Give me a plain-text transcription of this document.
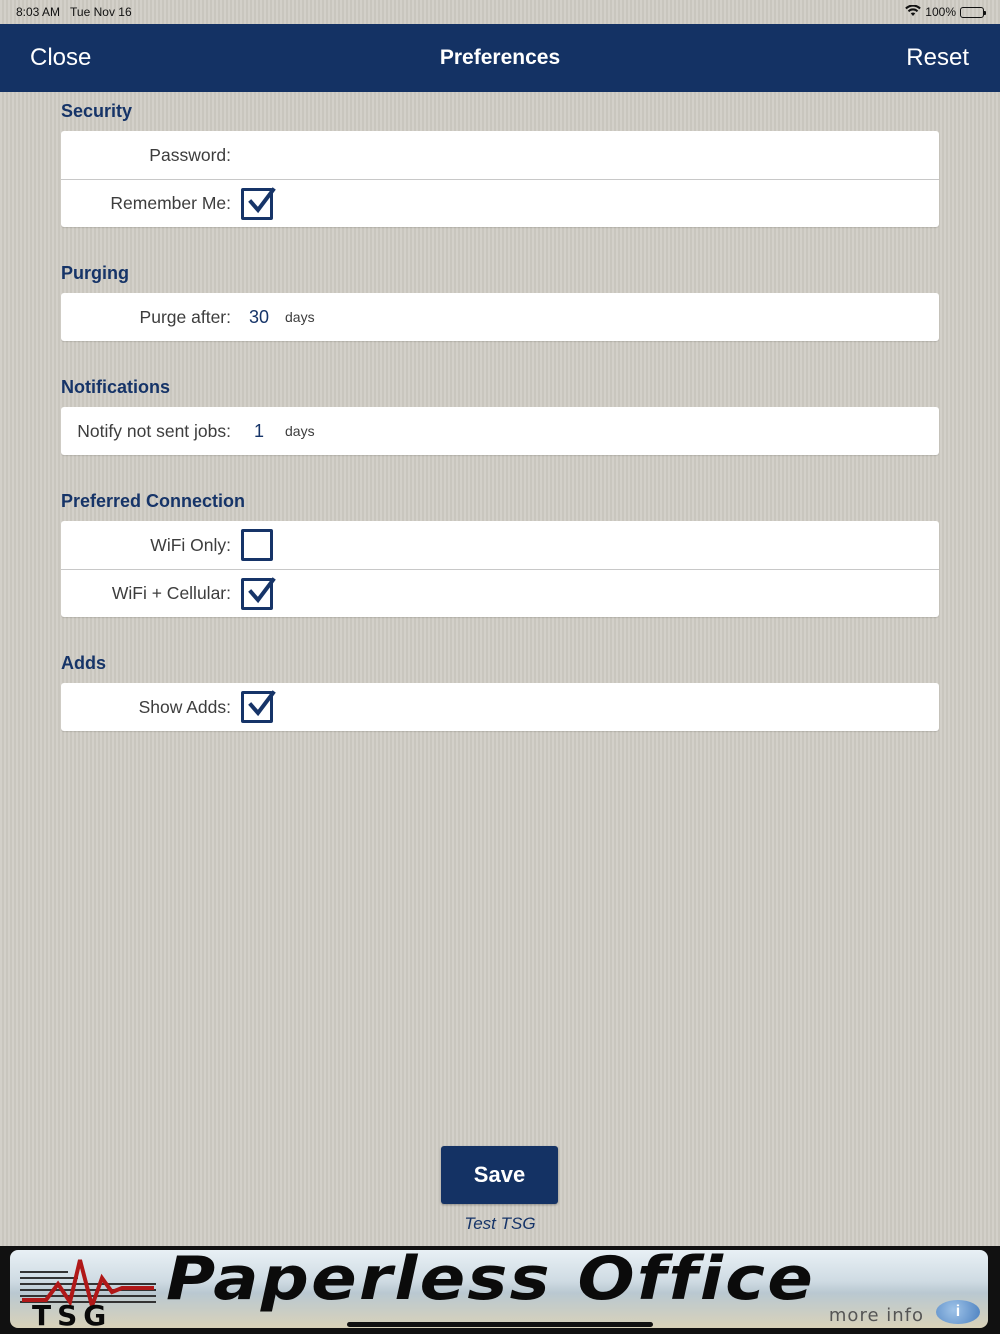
8:03 AM Tue Nov 16	100%
Close	Preferences	Reset
Security
Password:
Remember Me:
Purging
Purge after: 30	days
Notifications
Notify not sent jobs:	1	days
Preferred Connection
WiFi Only:
WiFi + Cellular:
Adds
Show Adds:
Save
Test TSG
TSG
Paperless Office
more info	i
